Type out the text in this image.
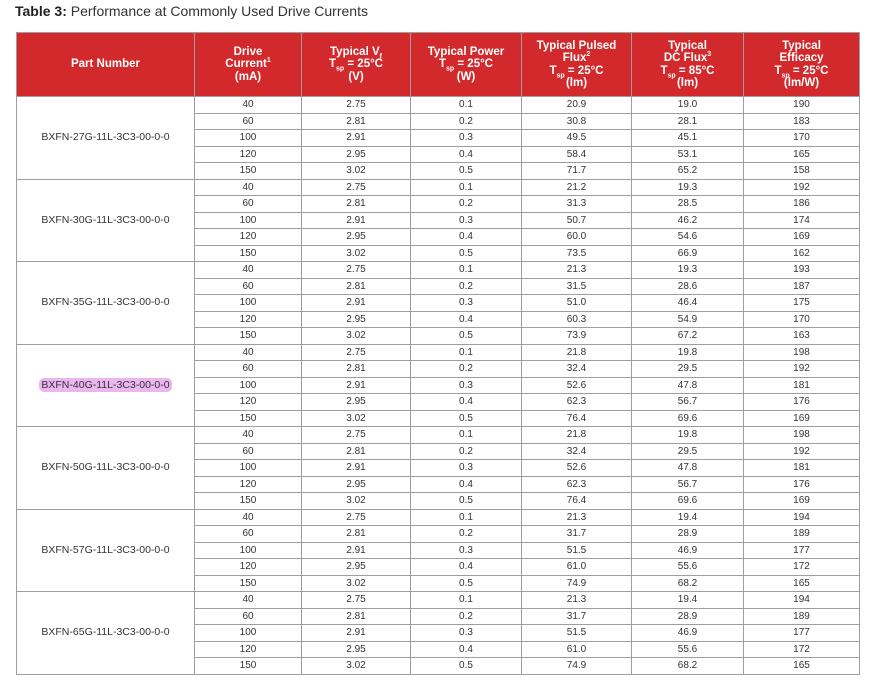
Table 3: Performance at Commonly Used Drive Currents
Part Number	Drive
Current$^1$
(mA)	Typical $V_f$
$T_{sp} = 25^\circ C$
(V)	Typical Power
$T_{sp} = 25^\circ C$
(W)	Typical Pulsed
Flux$^2$
$T_{sp} = 25^\circ C$
(lm)	Typical
DC Flux$^3$
$T_{sp} = 85^\circ C$
(lm)	Typical
Efficacy
$T_{sp} = 25^\circ C$
(lm/W)
BXFN-27G-11L-3C3-00-0-0	40	2.75	0.1	20.9	19.0	190
	60	2.81	0.2	30.8	28.1	183
	100	2.91	0.3	49.5	45.1	170
	120	2.95	0.4	58.4	53.1	165
	150	3.02	0.5	71.7	65.2	158
BXFN-30G-11L-3C3-00-0-0	40	2.75	0.1	21.2	19.3	192
	60	2.81	0.2	31.3	28.5	186
	100	2.91	0.3	50.7	46.2	174
	120	2.95	0.4	60.0	54.6	169
	150	3.02	0.5	73.5	66.9	162
BXFN-35G-11L-3C3-00-0-0	40	2.75	0.1	21.3	19.3	193
	60	2.81	0.2	31.5	28.6	187
	100	2.91	0.3	51.0	46.4	175
	120	2.95	0.4	60.3	54.9	170
	150	3.02	0.5	73.9	67.2	163
BXFN-40G-11L-3C3-00-0-0	40	2.75	0.1	21.8	19.8	198
	60	2.81	0.2	32.4	29.5	192
	100	2.91	0.3	52.6	47.8	181
	120	2.95	0.4	62.3	56.7	176
	150	3.02	0.5	76.4	69.6	169
BXFN-50G-11L-3C3-00-0-0	40	2.75	0.1	21.8	19.8	198
	60	2.81	0.2	32.4	29.5	192
	100	2.91	0.3	52.6	47.8	181
	120	2.95	0.4	62.3	56.7	176
	150	3.02	0.5	76.4	69.6	169
BXFN-57G-11L-3C3-00-0-0	40	2.75	0.1	21.3	19.4	194
	60	2.81	0.2	31.7	28.9	189
	100	2.91	0.3	51.5	46.9	177
	120	2.95	0.4	61.0	55.6	172
	150	3.02	0.5	74.9	68.2	165
BXFN-65G-11L-3C3-00-0-0	40	2.75	0.1	21.3	19.4	194
	60	2.81	0.2	31.7	28.9	189
	100	2.91	0.3	51.5	46.9	177
	120	2.95	0.4	61.0	55.6	172
	150	3.02	0.5	74.9	68.2	165
